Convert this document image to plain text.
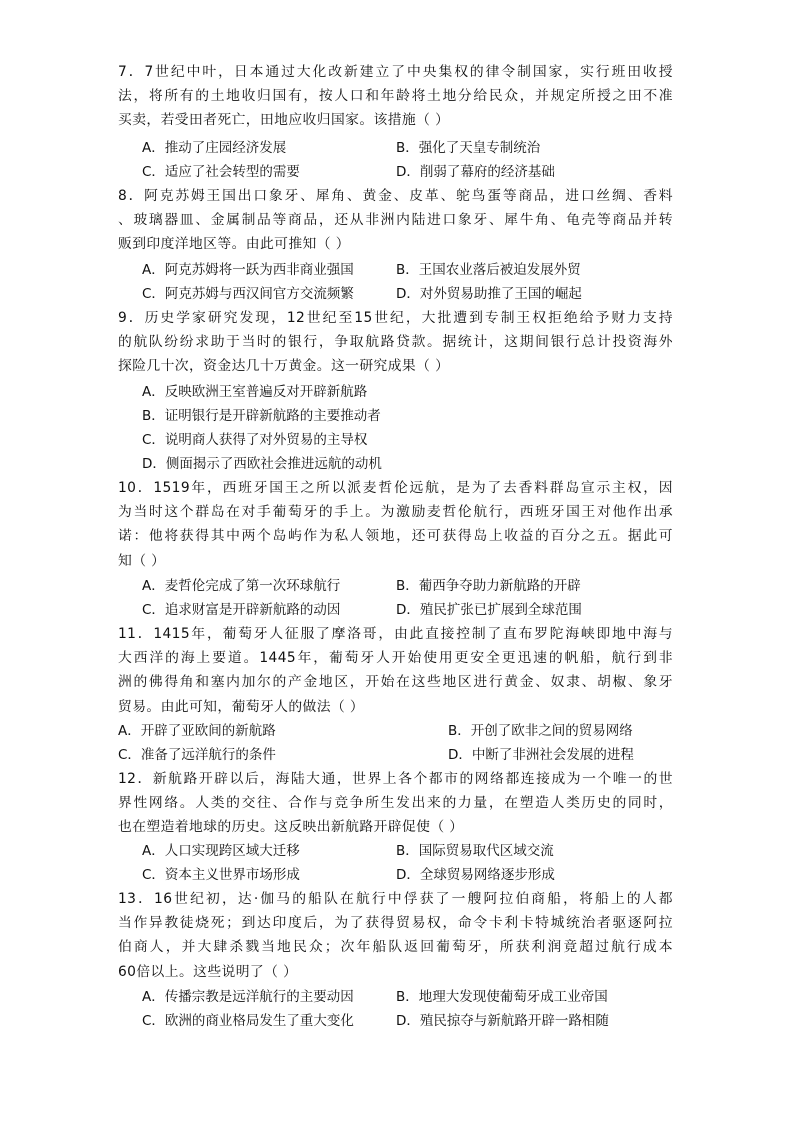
7．7世纪中叶，日本通过大化改新建立了中央集权的律令制国家，实行班田收授
法，将所有的土地收归国有，按人口和年龄将土地分给民众，并规定所授之田不准
买卖，若受田者死亡，田地应收归国家。该措施（ ）
A．推动了庄园经济发展	B．强化了天皇专制统治
C．适应了社会转型的需要	D．削弱了幕府的经济基础
8．阿克苏姆王国出口象牙、犀角、黄金、皮革、鸵鸟蛋等商品，进口丝绸、香料
、玻璃器皿、金属制品等商品，还从非洲内陆进口象牙、犀牛角、龟壳等商品并转
贩到印度洋地区等。由此可推知（ ）
A．阿克苏姆将一跃为西非商业强国	B．王国农业落后被迫发展外贸
C．阿克苏姆与西汉间官方交流频繁	D．对外贸易助推了王国的崛起
9．历史学家研究发现，12世纪至15世纪，大批遭到专制王权拒绝给予财力支持
的航队纷纷求助于当时的银行，争取航路贷款。据统计，这期间银行总计投资海外
探险几十次，资金达几十万黄金。这一研究成果（ ）
A．反映欧洲王室普遍反对开辟新航路
B．证明银行是开辟新航路的主要推动者
C．说明商人获得了对外贸易的主导权
D．侧面揭示了西欧社会推进远航的动机
10．1519年，西班牙国王之所以派麦哲伦远航，是为了去香料群岛宣示主权，因
为当时这个群岛在对手葡萄牙的手上。为激励麦哲伦航行，西班牙国王对他作出承
诺：他将获得其中两个岛屿作为私人领地，还可获得岛上收益的百分之五。据此可
知（ ）
A．麦哲伦完成了第一次环球航行	B．葡西争夺助力新航路的开辟
C．追求财富是开辟新航路的动因	D．殖民扩张已扩展到全球范围
11．1415年，葡萄牙人征服了摩洛哥，由此直接控制了直布罗陀海峡即地中海与
大西洋的海上要道。1445年，葡萄牙人开始使用更安全更迅速的帆船，航行到非
洲的佛得角和塞内加尔的产金地区，开始在这些地区进行黄金、奴隶、胡椒、象牙
贸易。由此可知，葡萄牙人的做法（ ）
A．开辟了亚欧间的新航路	B．开创了欧非之间的贸易网络
C．准备了远洋航行的条件	D．中断了非洲社会发展的进程
12．新航路开辟以后，海陆大通，世界上各个都市的网络都连接成为一个唯一的世
界性网络。人类的交往、合作与竞争所生发出来的力量，在塑造人类历史的同时，
也在塑造着地球的历史。这反映出新航路开辟促使（ ）
A．人口实现跨区域大迁移	B．国际贸易取代区域交流
C．资本主义世界市场形成	D．全球贸易网络逐步形成
13．16世纪初，达·伽马的船队在航行中俘获了一艘阿拉伯商船，将船上的人都
当作异教徒烧死；到达印度后，为了获得贸易权，命令卡利卡特城统治者驱逐阿拉
伯商人，并大肆杀戮当地民众；次年船队返回葡萄牙，所获利润竟超过航行成本
60倍以上。这些说明了（ ）
A．传播宗教是远洋航行的主要动因	B．地理大发现使葡萄牙成工业帝国
C．欧洲的商业格局发生了重大变化	D．殖民掠夺与新航路开辟一路相随
